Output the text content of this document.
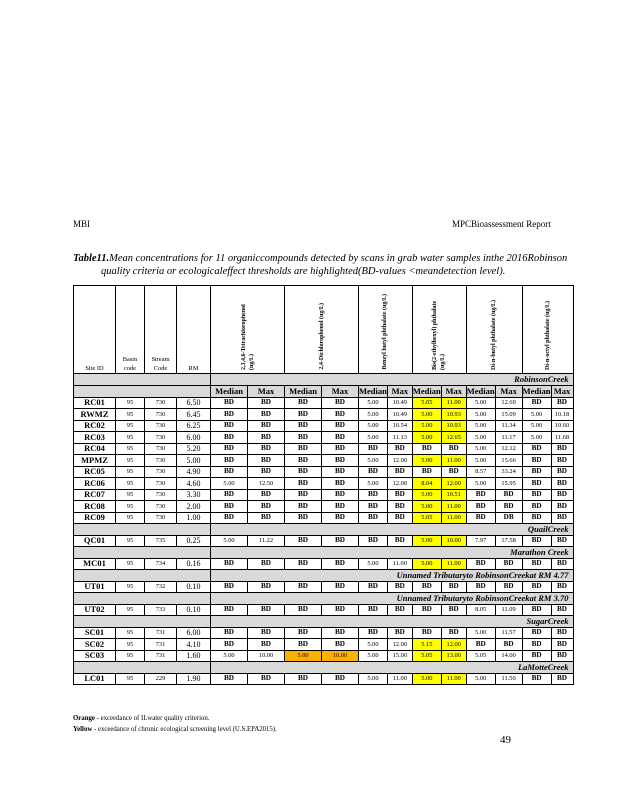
MBI	MPCBioassessment Report
Table11.Mean concentrations for 11 organiccompounds detected by scans in grab water samples inthe 2016Robinson
quality criteria or ecologicaleffect thresholds are highlighted(BD-values <meandetection level).
Site ID	Basin code	Stream Code	RM	2,3,4,6-Tetrachlorophenol (ug/L)		2,4-Dichlorophenol (ug/L)		Benzyl butyl phthalate (ug/L)		Bis(2-ethylhexyl) phthalate (ug/L)		Di-n-butyl phthalate (ug/L)		Di-n-octyl phthalate (ug/L)	
				RobinsonCreek											
				Median	Max	Median	Max	Median	Max	Median	Max	Median	Max	Median	Max
RC01	95	730	6.50	BD	BD	BD	BD	5.00	10.49	5.05	11.00	5.00	12.69	BD	BD
RWMZ	95	730	6.45	BD	BD	BD	BD	5.00	10.49	5.00	10.93	5.00	15.09	5.00	10.18
RC02	95	730	6.25	BD	BD	BD	BD	5.00	10.54	5.00	10.93	5.00	11.34	5.00	10.60
RC03	95	730	6.00	BD	BD	BD	BD	5.00	11.13	5.00	12.65	5.00	11.17	5.00	11.68
RC04	95	730	5.20	BD	BD	BD	BD	BD	BD	BD	BD	5.00	12.12	BD	BD
MPMZ	95	730	5.00	BD	BD	BD	BD	5.00	12.00	5.00	11.00	5.00	15.66	BD	BD
RC05	95	730	4.90	BD	BD	BD	BD	BD	BD	BD	BD	8.57	33.24	BD	BD
RC06	95	730	4.60	5.00	12.50	BD	BD	5.00	12.00	8.04	12.00	5.00	15.95	BD	BD
RC07	95	730	3.30	BD	BD	BD	BD	BD	BD	5.00	10.51	BD	BD	BD	BD
RC08	95	730	2.00	BD	BD	BD	BD	BD	BD	5.00	11.00	BD	BD	BD	BD
RC09	95	730	1.00	BD	BD	BD	BD	BD	BD	5.05	11.00	BD	DB	BD	BD
				QuailCreek											
QC01	95	735	0.25	5.00	11.22	BD	BD	BD	BD	5.00	10.00	7.97	17.58	BD	BD
				Marathon Creek											
MC01	95	734	0.16	BD	BD	BD	BD	5.00	11.00	5.00	11.00	BD	BD	BD	BD
				Unnamed Tributaryto RobinsonCreekat RM 4.77											
UT01	95	732	0.10	BD	BD	BD	BD	BD	BD	BD	BD	BD	BD	BD	BD
				Unnamed Tributaryto RobinsonCreekat RM 3.70											
UT02	95	733	0.10	BD	BD	BD	BD	BD	BD	BD	BD	8.05	11.09	BD	BD
				SugarCreek											
SC01	95	731	6.00	BD	BD	BD	BD	BD	BD	BD	BD	5.00	11.57	BD	BD
SC02	95	731	4.10	BD	BD	BD	BD	5.00	12.00	5.15	12.00	BD	BD	BD	BD
SC03	95	731	1.60	5.00	10.00	5.00	10.00	5.00	15.00	5.05	13.00	5.05	14.00	BD	BD
				LaMotteCreek											
LC01	95	229	1.90	BD	BD	BD	BD	5.00	11.00	5.00	11.00	5.00	11.50	BD	BD
Orange - exceedance of ILwater quality criterion.
Yellow - exceedance of chronic ecological screening level (U.S.EPA2015).
49
